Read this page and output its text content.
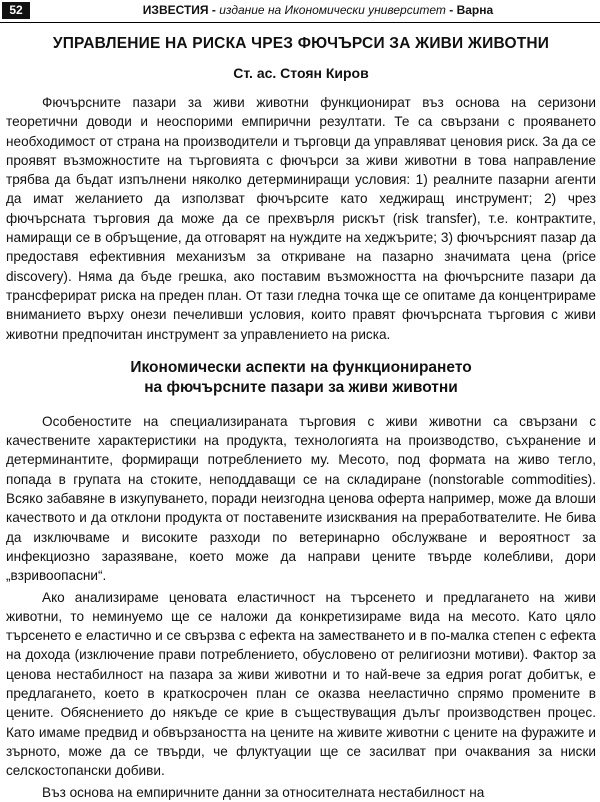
52	ИЗВЕСТИЯ - издание на Икономически университет - Варна
УПРАВЛЕНИЕ НА РИСКА ЧРЕЗ ФЮЧЪРСИ ЗА ЖИВИ ЖИВОТНИ
Ст. ас. Стоян Киров

Фючърсните пазари за живи животни функционират въз основа на серизони теоретични доводи и неоспорими емпирични резултати. Те са свързани с прояването необходимост от страна на производители и търговци да управляват ценовия риск. За да се проявят възможностите на търговията с фючърси за живи животни в това направление трябва да бъдат изпълнени няколко детерминиращи условия: 1) реалните пазарни агенти да имат желанието да използват фючърсите като хеджиращ инструмент; 2) чрез фючърсната търговия да може да се прехвърля рискът (risk transfer), т.е. контрактите, намиращи се в обръщение, да отговарят на нуждите на хеджърите; 3) фючърсният пазар да предоставя ефективния механизъм за откриване на пазарно значимата цена (price discovery). Няма да бъде грешка, ако поставим възможността на фючърсните пазари да трансферират риска на преден план. От тази гледна точка ще се опитаме да концентрираме вниманието върху онези печеливши условия, които правят фючърсната търговия с живи животни предпочитан инструмент за управлението на риска.

Икономически аспекти на функционирането
на фючърсните пазари за живи животни

Особеностите на специализираната търговия с живи животни са свързани с качествените характеристики на продукта, технологията на производство, съхранение и детерминантите, формиращи потреблението му. Месото, под формата на живо тегло, попада в групата на стоките, неподдаващи се на складиране (nonstorable commodities). Всяко забавяне в изкупуването, поради неизгодна ценова оферта например, може да влоши качеството и да отклони продукта от поставените изисквания на преработвателите. Не бива да изключваме и високите разходи по ветеринарно обслужване и вероятност за инфекциозно заразяване, което може да направи цените твърде колебливи, дори „взривоопасни“.

Ако анализираме ценовата еластичност на търсенето и предлагането на живи животни, то неминуемо ще се наложи да конкретизираме вида на месото. Като цяло търсенето е еластично и се свързва с ефекта на заместването и в по-малка степен с ефекта на дохода (изключение прави потреблението, обусловено от религиозни мотиви). Фактор за ценова нестабилност на пазара за живи животни и то най-вече за едрия рогат добитък, е предлагането, което в краткосрочен план се оказва нееластично спрямо промените в цените. Обяснението до някъде се крие в съществуващия дълъг производствен процес. Като имаме предвид и обвързаността на цените на живите животни с цените на фуражите и зърното, може да се твърди, че флуктуации ще се засилват при очаквания за ниски селскостопански добиви.

Въз основа на емпиричните данни за относителната нестабилност на
